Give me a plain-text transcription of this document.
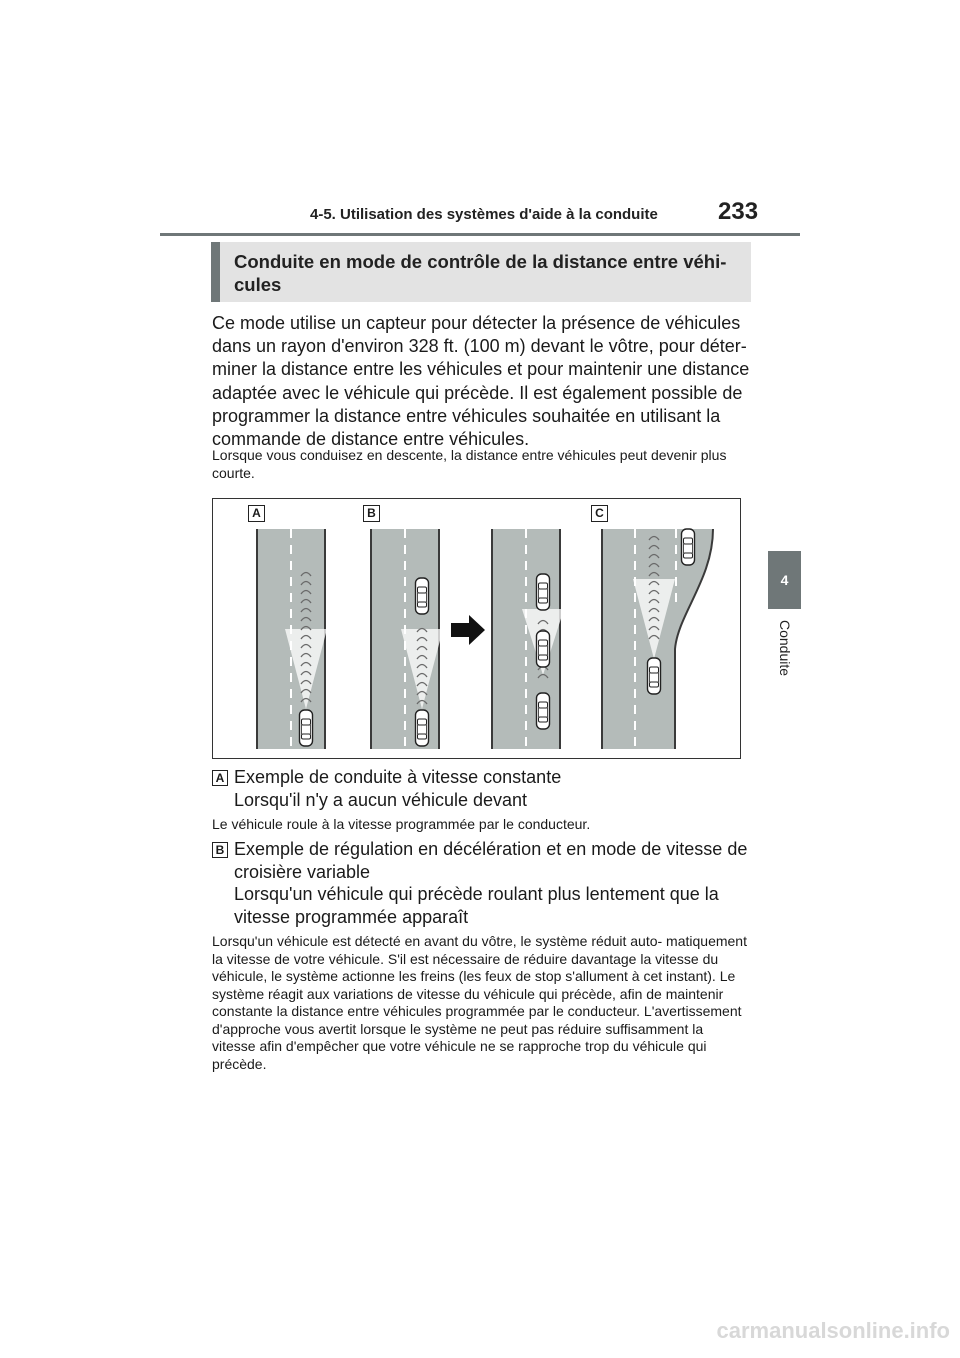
4-5. Utilisation des systèmes d'aide à la conduite	233
4
Conduite
Conduite en mode de contrôle de la distance entre véhi- cules
Ce mode utilise un capteur pour détecter la présence de véhicules dans un rayon d'environ 328 ft. (100 m) devant le vôtre, pour déter- miner la distance entre les véhicules et pour maintenir une distance adaptée avec le véhicule qui précède. Il est également possible de programmer la distance entre véhicules souhaitée en utilisant la commande de distance entre véhicules.
Lorsque vous conduisez en descente, la distance entre véhicules peut devenir plus courte.
A	B	C
A Exemple de conduite à vitesse constante
Lorsqu'il n'y a aucun véhicule devant
Le véhicule roule à la vitesse programmée par le conducteur.
B Exemple de régulation en décélération et en mode de vitesse de
croisière variable
Lorsqu'un véhicule qui précède roulant plus lentement que la
vitesse programmée apparaît
Lorsqu'un véhicule est détecté en avant du vôtre, le système réduit auto- matiquement la vitesse de votre véhicule. S'il est nécessaire de réduire davantage la vitesse du véhicule, le système actionne les freins (les feux de stop s'allument à cet instant). Le système réagit aux variations de vitesse du véhicule qui précède, afin de maintenir constante la distance entre véhicules programmée par le conducteur. L'avertissement d'approche vous avertit lorsque le système ne peut pas réduire suffisamment la vitesse afin d'empêcher que votre véhicule ne se rapproche trop du véhicule qui précède.
carmanualsonline.info
